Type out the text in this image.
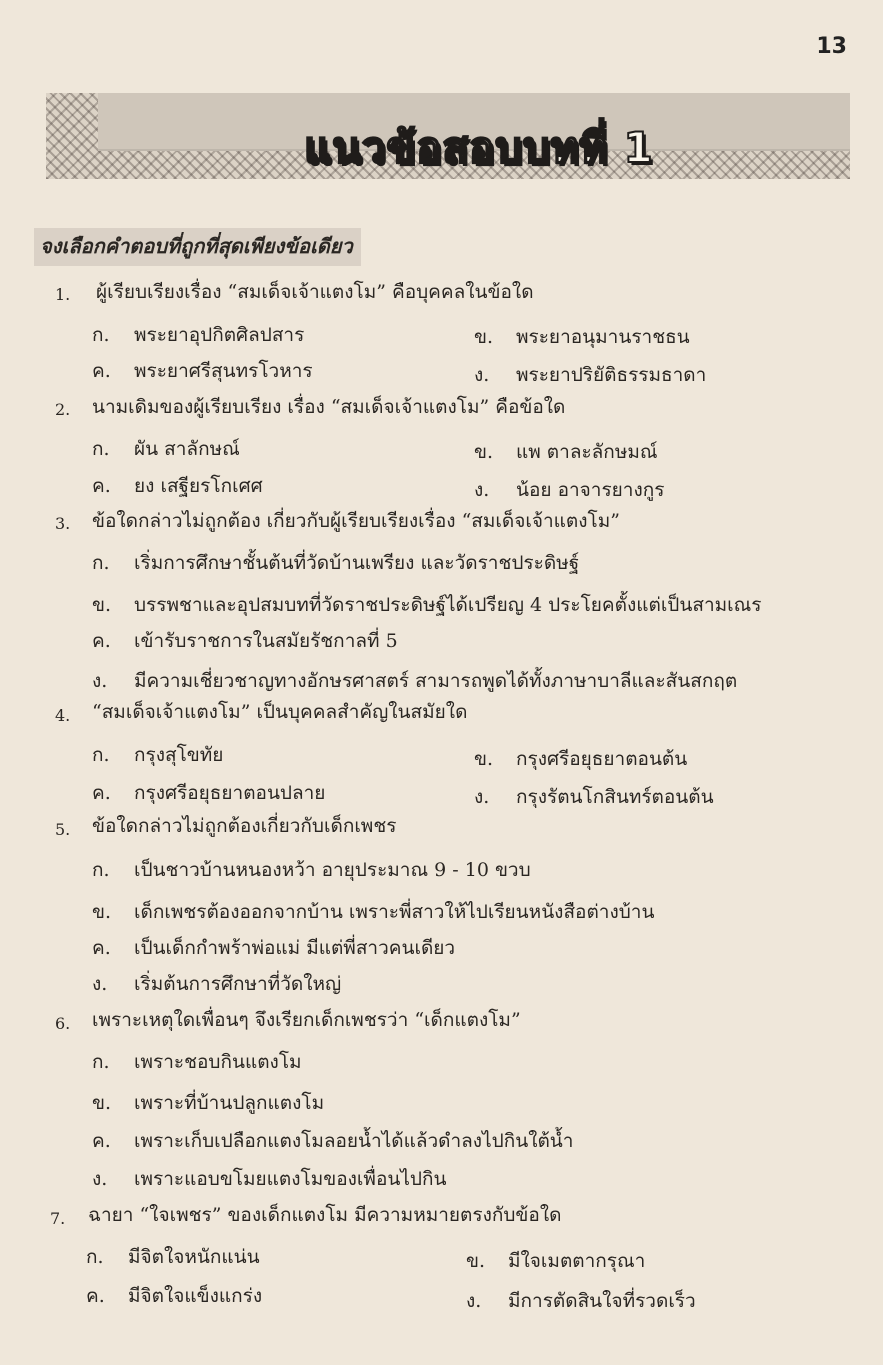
13
แนวข้อสอบบทที่ 1
จงเลือกคำตอบที่ถูกที่สุดเพียงข้อเดียว
1. ผู้เรียบเรียงเรื่อง “สมเด็จเจ้าแตงโม” คือบุคคลในข้อใด
ก. พระยาอุปกิตศิลปสาร	ข. พระยาอนุมานราชธน
ค. พระยาศรีสุนทรโวหาร	ง. พระยาปริยัติธรรมธาดา
2. นามเดิมของผู้เรียบเรียง เรื่อง “สมเด็จเจ้าแตงโม” คือข้อใด
ก. ผัน สาลักษณ์	ข. แพ ตาละลักษมณ์
ค. ยง เสฐียรโกเศศ	ง. น้อย อาจารยางกูร
3. ข้อใดกล่าวไม่ถูกต้อง เกี่ยวกับผู้เรียบเรียงเรื่อง “สมเด็จเจ้าแตงโม”
ก. เริ่มการศึกษาชั้นต้นที่วัดบ้านเพรียง และวัดราชประดิษฐ์
ข. บรรพชาและอุปสมบทที่วัดราชประดิษฐ์ได้เปรียญ 4 ประโยคตั้งแต่เป็นสามเณร
ค. เข้ารับราชการในสมัยรัชกาลที่ 5
ง. มีความเชี่ยวชาญทางอักษรศาสตร์ สามารถพูดได้ทั้งภาษาบาลีและสันสกฤต
4. “สมเด็จเจ้าแตงโม” เป็นบุคคลสำคัญในสมัยใด
ก. กรุงสุโขทัย	ข. กรุงศรีอยุธยาตอนต้น
ค. กรุงศรีอยุธยาตอนปลาย	ง. กรุงรัตนโกสินทร์ตอนต้น
5. ข้อใดกล่าวไม่ถูกต้องเกี่ยวกับเด็กเพชร
ก. เป็นชาวบ้านหนองหว้า อายุประมาณ 9 - 10 ขวบ
ข. เด็กเพชรต้องออกจากบ้าน เพราะพี่สาวให้ไปเรียนหนังสือต่างบ้าน
ค. เป็นเด็กกำพร้าพ่อแม่ มีแต่พี่สาวคนเดียว
ง. เริ่มต้นการศึกษาที่วัดใหญ่
6. เพราะเหตุใดเพื่อนๆ จึงเรียกเด็กเพชรว่า “เด็กแตงโม”
ก. เพราะชอบกินแตงโม
ข. เพราะที่บ้านปลูกแตงโม
ค. เพราะเก็บเปลือกแตงโมลอยน้ำได้แล้วดำลงไปกินใต้น้ำ
ง. เพราะแอบขโมยแตงโมของเพื่อนไปกิน
7. ฉายา “ใจเพชร” ของเด็กแตงโม มีความหมายตรงกับข้อใด
ก. มีจิตใจหนักแน่น	ข. มีใจเมตตากรุณา
ค. มีจิตใจแข็งแกร่ง	ง. มีการตัดสินใจที่รวดเร็ว
